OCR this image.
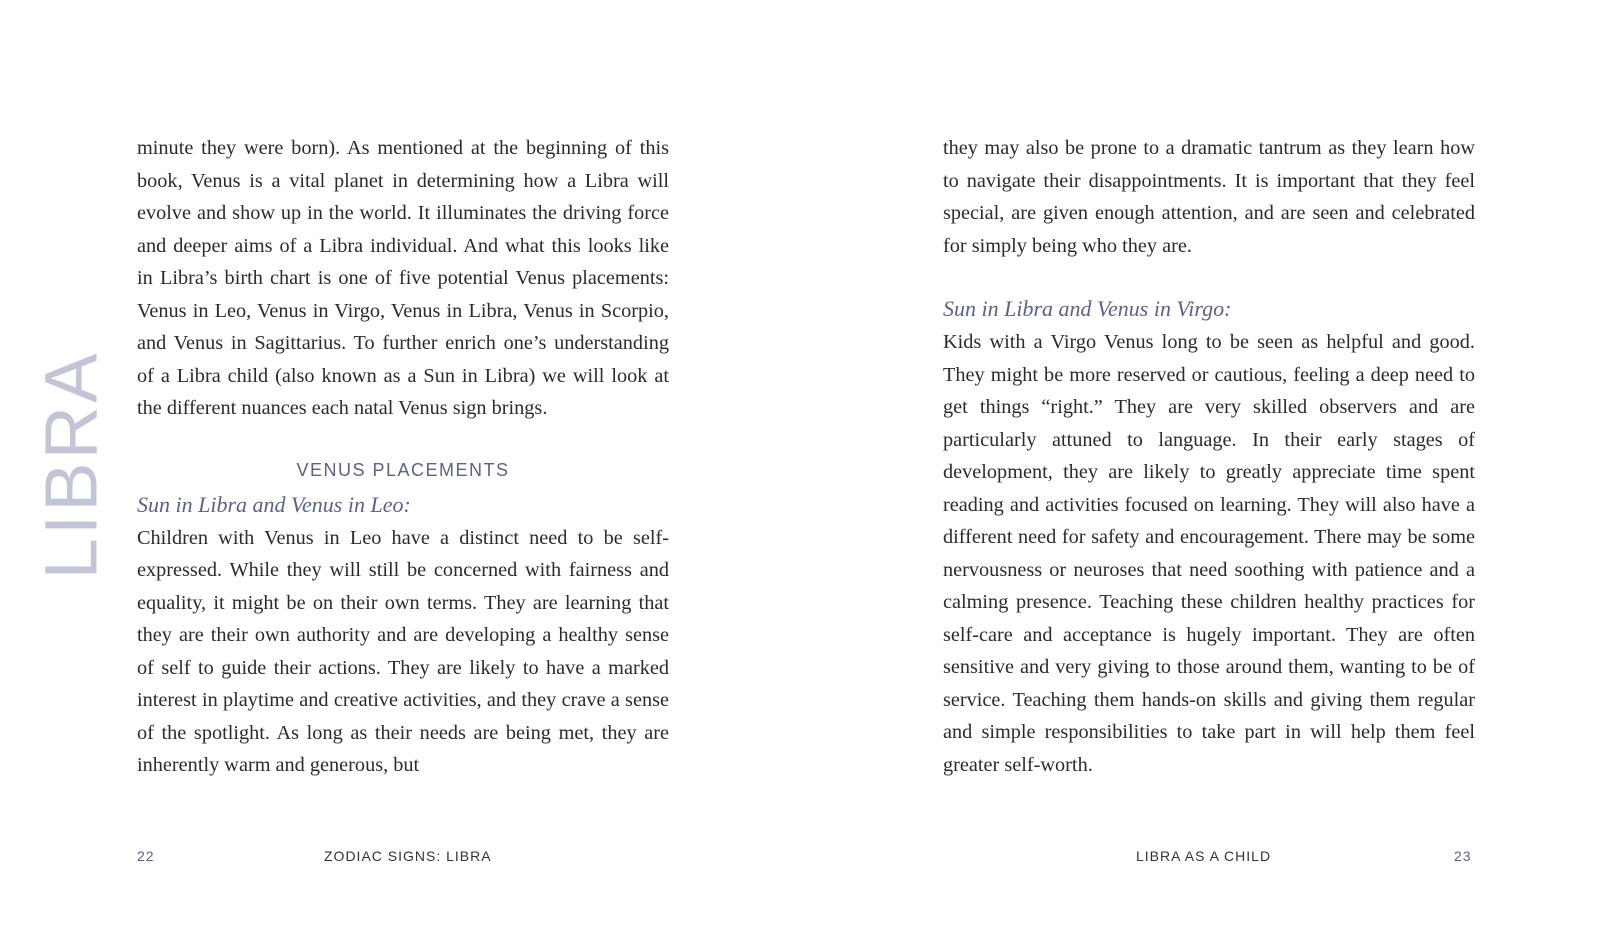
LIBRA

minute they were born). As mentioned at the beginning of this book, Venus is a vital planet in determining how a Libra will evolve and show up in the world. It illuminates the driving force and deeper aims of a Libra individual. And what this looks like in Libra’s birth chart is one of five potential Venus placements: Venus in Leo, Venus in Virgo, Venus in Libra, Venus in Scorpio, and Venus in Sagittarius. To further enrich one’s understanding of a Libra child (also known as a Sun in Libra) we will look at the different nuances each natal Venus sign brings.

VENUS PLACEMENTS

Sun in Libra and Venus in Leo:

Children with Venus in Leo have a distinct need to be self-expressed. While they will still be concerned with fairness and equality, it might be on their own terms. They are learning that they are their own authority and are developing a healthy sense of self to guide their actions. They are likely to have a marked interest in playtime and creative activities, and they crave a sense of the spotlight. As long as their needs are being met, they are inherently warm and generous, but

they may also be prone to a dramatic tantrum as they learn how to navigate their disappointments. It is important that they feel special, are given enough attention, and are seen and celebrated for simply being who they are.

Sun in Libra and Venus in Virgo:

Kids with a Virgo Venus long to be seen as helpful and good. They might be more reserved or cautious, feeling a deep need to get things “right.” They are very skilled observers and are particularly attuned to language. In their early stages of development, they are likely to greatly appreciate time spent reading and activities focused on learning. They will also have a different need for safety and encouragement. There may be some nervousness or neuroses that need soothing with patience and a calming presence. Teaching these children healthy practices for self-care and acceptance is hugely important. They are often sensitive and very giving to those around them, wanting to be of service. Teaching them hands-on skills and giving them regular and simple responsibilities to take part in will help them feel greater self-worth.

22	ZODIAC SIGNS: LIBRA	LIBRA AS A CHILD	23
